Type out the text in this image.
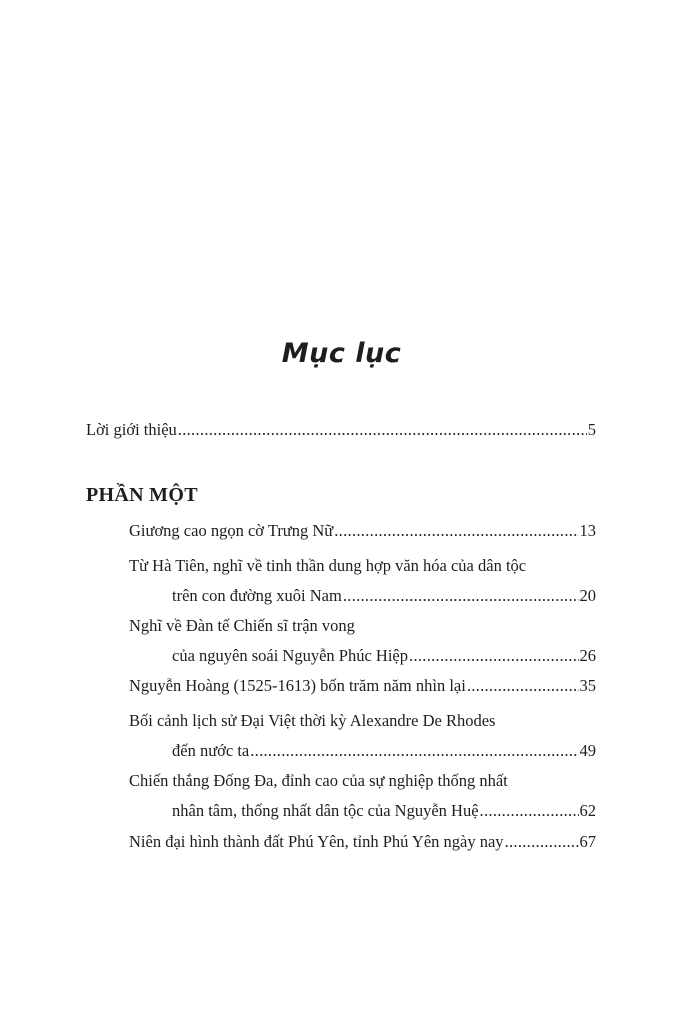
Mục lục
Lời giới thiệu .....	5
PHẦN MỘT
Giương cao ngọn cờ Trưng Nữ .....	13
Từ Hà Tiên, nghĩ về tinh thần dung hợp văn hóa của dân tộc
trên con đường xuôi Nam .....	20
Nghĩ về Đàn tế Chiến sĩ trận vong
của nguyên soái Nguyễn Phúc Hiệp .....	26
Nguyễn Hoàng (1525-1613) bốn trăm năm nhìn lại .....	35
Bối cảnh lịch sử Đại Việt thời kỳ Alexandre De Rhodes
đến nước ta .....	49
Chiến thắng Đống Đa, đỉnh cao của sự nghiệp thống nhất
nhân tâm, thống nhất dân tộc của Nguyễn Huệ .....	62
Niên đại hình thành đất Phú Yên, tỉnh Phú Yên ngày nay .....	67
